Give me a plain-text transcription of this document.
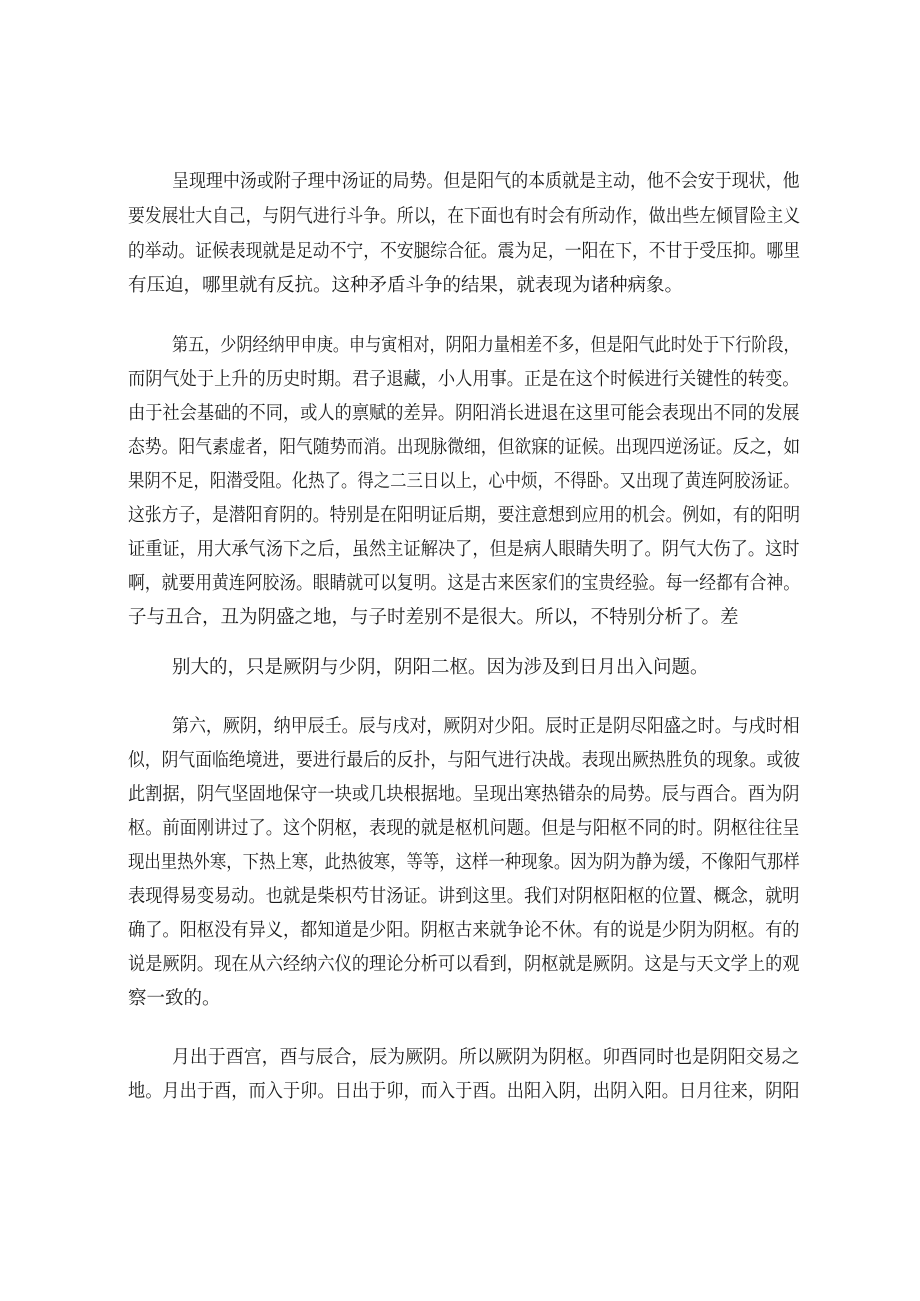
呈现理中汤或附子理中汤证的局势。但是阳气的本质就是主动，他不会安于现状，他
要发展壮大自己，与阴气进行斗争。所以，在下面也有时会有所动作，做出些左倾冒险主义
的举动。证候表现就是足动不宁，不安腿综合征。震为足，一阳在下，不甘于受压抑。哪里
有压迫，哪里就有反抗。这种矛盾斗争的结果，就表现为诸种病象。
第五，少阴经纳甲申庚。申与寅相对，阴阳力量相差不多，但是阳气此时处于下行阶段，
而阴气处于上升的历史时期。君子退藏，小人用事。正是在这个时候进行关键性的转变。
由于社会基础的不同，或人的禀赋的差异。阴阳消长进退在这里可能会表现出不同的发展
态势。阳气素虚者，阳气随势而消。出现脉微细，但欲寐的证候。出现四逆汤证。反之，如
果阴不足，阳潜受阻。化热了。得之二三日以上，心中烦，不得卧。又出现了黄连阿胶汤证。
这张方子，是潜阳育阴的。特别是在阳明证后期，要注意想到应用的机会。例如，有的阳明
证重证，用大承气汤下之后，虽然主证解决了，但是病人眼睛失明了。阴气大伤了。这时
啊，就要用黄连阿胶汤。眼睛就可以复明。这是古来医家们的宝贵经验。每一经都有合神。
子与丑合，丑为阴盛之地，与子时差别不是很大。所以，不特别分析了。差
别大的，只是厥阴与少阴，阴阳二枢。因为涉及到日月出入问题。
第六，厥阴，纳甲辰壬。辰与戌对，厥阴对少阳。辰时正是阴尽阳盛之时。与戌时相
似，阴气面临绝境进，要进行最后的反扑，与阳气进行决战。表现出厥热胜负的现象。或彼
此割据，阴气坚固地保守一块或几块根据地。呈现出寒热错杂的局势。辰与酉合。酉为阴
枢。前面刚讲过了。这个阴枢，表现的就是枢机问题。但是与阳枢不同的时。阴枢往往呈
现出里热外寒，下热上寒，此热彼寒，等等，这样一种现象。因为阴为静为缓，不像阳气那样
表现得易变易动。也就是柴枳芍甘汤证。讲到这里。我们对阴枢阳枢的位置、概念，就明
确了。阳枢没有异义，都知道是少阳。阴枢古来就争论不休。有的说是少阴为阴枢。有的
说是厥阴。现在从六经纳六仪的理论分析可以看到，阴枢就是厥阴。这是与天文学上的观
察一致的。
月出于酉宫，酉与辰合，辰为厥阴。所以厥阴为阴枢。卯酉同时也是阴阳交易之
地。月出于酉，而入于卯。日出于卯，而入于酉。出阳入阴，出阴入阳。日月往来，阴阳
